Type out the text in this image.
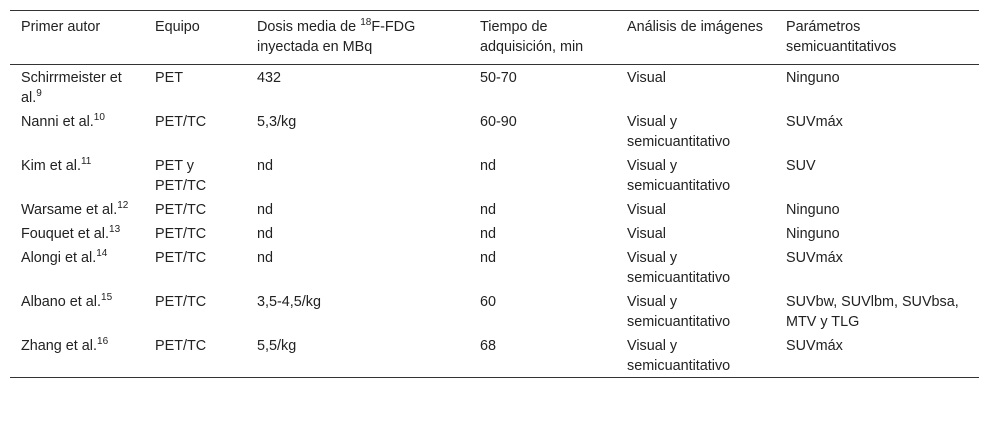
Primer autor	Equipo	Dosis media de $^{18}$F-FDG inyectada en MBq	Tiempo de adquisición, min	Análisis de imágenes	Parámetros semicuantitativos
Schirrmeister et al.$^9$	PET	432	50-70	Visual	Ninguno
Nanni et al.$^{10}$	PET/TC	5,3/kg	60-90	Visual y semicuantitativo	SUVmáx
Kim et al.$^{11}$	PET y PET/TC	nd	nd	Visual y semicuantitativo	SUV
Warsame et al.$^{12}$	PET/TC	nd	nd	Visual	Ninguno
Fouquet et al.$^{13}$	PET/TC	nd	nd	Visual	Ninguno
Alongi et al.$^{14}$	PET/TC	nd	nd	Visual y semicuantitativo	SUVmáx
Albano et al.$^{15}$	PET/TC	3,5-4,5/kg	60	Visual y semicuantitativo	SUVbw, SUVlbm, SUVbsa, MTV y TLG
Zhang et al.$^{16}$	PET/TC	5,5/kg	68	Visual y semicuantitativo	SUVmáx
